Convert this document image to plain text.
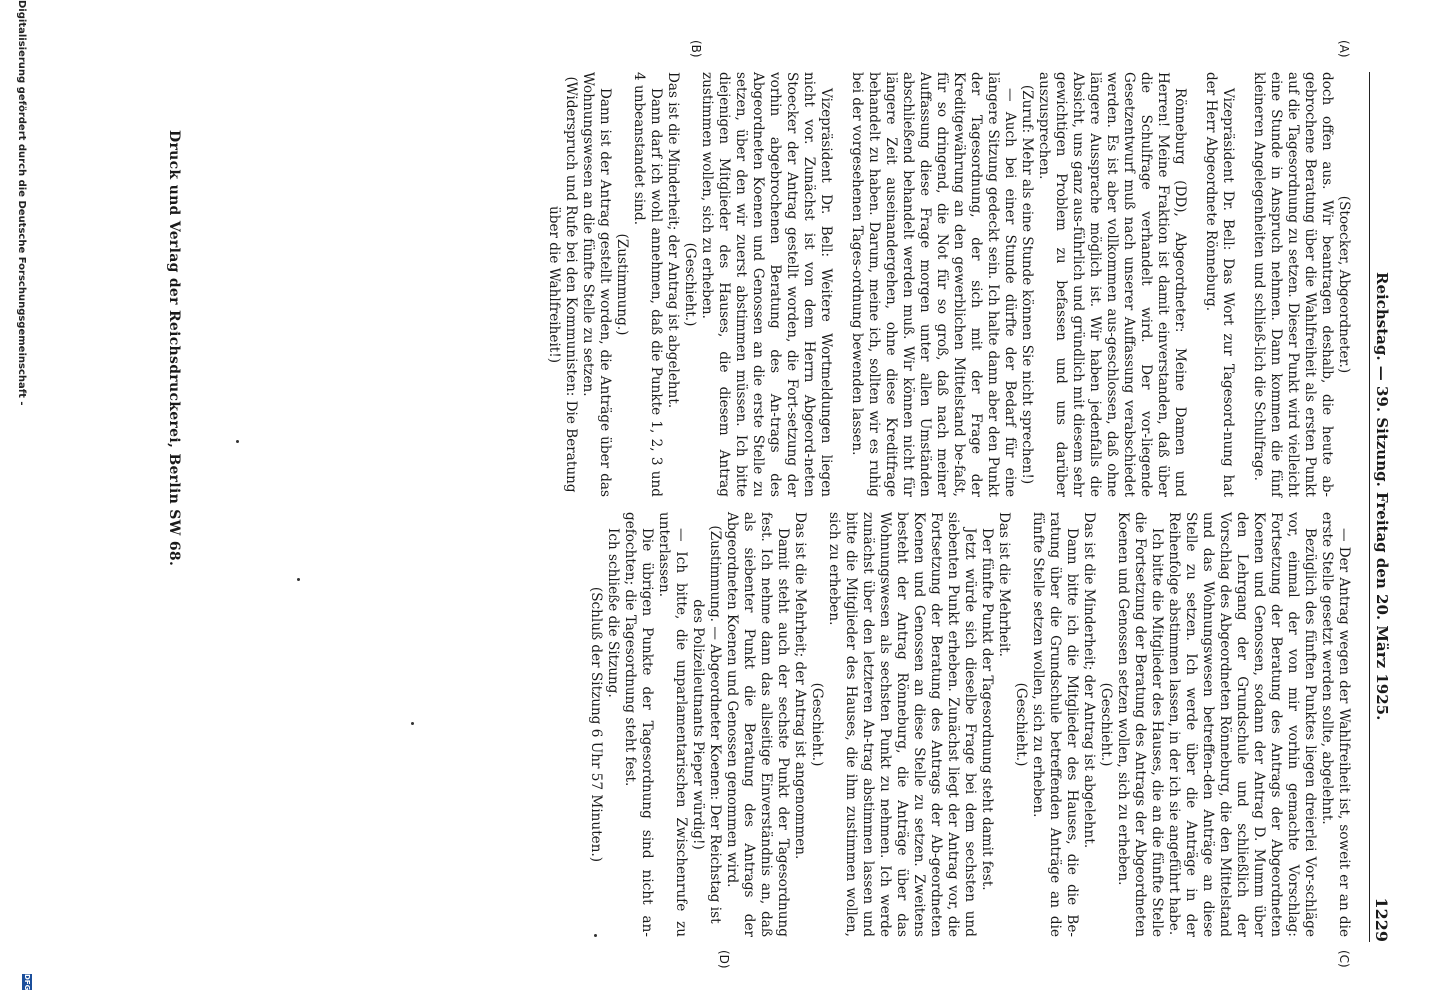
Reichstag. — 39. Sitzung.
Freitag den 20. März 1925.
1229
(A)
(B)
(C)
(D)

(Stoecker, Abgeordneter.)

doch offen aus. Wir beantragen deshalb, die heute ab-gebrochene Beratung über die Wahlfreiheit als ersten Punkt auf die Tagesordnung zu setzen. Dieser Punkt wird vielleicht eine Stunde in Anspruch nehmen. Dann kommen die fünf kleineren Angelegenheiten und schließ-lich die Schulfrage.

Vizepräsident Dr. Bell: Das Wort zur Tagesord-nung hat der Herr Abgeordnete Rönneburg.

Rönneburg (DD), Abgeordneter: Meine Damen und Herren! Meine Fraktion ist damit einverstanden, daß über die Schulfrage verhandelt wird. Der vor-liegende Gesetzentwurf muß nach unserer Auffassung verabschiedet werden. Es ist aber vollkommen aus-geschlossen, daß ohne längere Aussprache möglich ist. Wir haben jedenfalls die Absicht, uns ganz aus-führlich und gründlich mit diesem sehr gewichtigen Problem zu befassen und uns darüber auszusprechen.

(Zuruf: Mehr als eine Stunde können Sie nicht sprechen!)

— Auch bei einer Stunde dürfte der Bedarf für eine längere Sitzung gedeckt sein. Ich halte dann aber den Punkt der Tagesordnung, der sich mit der Frage der Kreditgewährung an den gewerblichen Mittelstand be-faßt, für so dringend, die Not für so groß, daß nach meiner Auffassung diese Frage morgen unter allen Umständen abschließend behandelt werden muß. Wir können nicht für längere Zeit auseinandergehen, ohne diese Kreditfrage behandelt zu haben. Darum, meine ich, sollten wir es ruhig bei der vorgesehenen Tages-ordnung bewenden lassen.

Vizepräsident Dr. Bell: Weitere Wortmeldungen liegen nicht vor. Zunächst ist von dem Herrn Abgeord-neten Stoecker der Antrag gestellt worden, die Fort-setzung der vorhin abgebrochenen Beratung des An-trags des Abgeordneten Koenen und Genossen an die erste Stelle zu setzen, über den wir zuerst abstimmen müssen. Ich bitte diejenigen Mitglieder des Hauses, die diesem Antrag zustimmen wollen, sich zu erheben.

(Geschieht.)

Das ist die Minderheit; der Antrag ist abgelehnt.

Dann darf ich wohl annehmen, daß die Punkte 1, 2, 3 und 4 unbeanstandet sind.

(Zustimmung.)

Dann ist der Antrag gestellt worden, die Anträge über das Wohnungswesen an die fünfte Stelle zu setzen.

(Widerspruch und Rufe bei den Kommunisten: Die Beratung über die Wahlfreiheit!)

— Der Antrag wegen der Wahlfreiheit ist, soweit er an die erste Stelle gesetzt werden sollte, abgelehnt.

Bezüglich des fünften Punktes liegen dreierlei Vor-schläge vor, einmal der von mir vorhin gemachte Vorschlag: Fortsetzung der Beratung des Antrags der Abgeordneten Koenen und Genossen, sodann der Antrag D. Mumm über den Lehrgang der Grundschule und schließlich der Vorschlag des Abgeordneten Rönneburg, die den Mittelstand und das Wohnungswesen betreffen-den Anträge an diese Stelle zu setzen. Ich werde über die Anträge in der Reihenfolge abstimmen lassen, in der ich sie angeführt habe.

Ich bitte die Mitglieder des Hauses, die an die fünfte Stelle die Fortsetzung der Beratung des Antrags der Abgeordneten Koenen und Genossen setzen wollen, sich zu erheben.

(Geschieht.)

Das ist die Minderheit; der Antrag ist abgelehnt.

Dann bitte ich die Mitglieder des Hauses, die die Be-ratung über die Grundschule betreffenden Anträge an die fünfte Stelle setzen wollen, sich zu erheben.

(Geschieht.)

Das ist die Mehrheit.

Der fünfte Punkt der Tagesordnung steht damit fest.

Jetzt würde sich dieselbe Frage bei dem sechsten und siebenten Punkt erheben. Zunächst liegt der Antrag vor, die Fortsetzung der Beratung des Antrags der Ab-geordneten Koenen und Genossen an diese Stelle zu setzen. Zweitens besteht der Antrag Rönneburg, die Anträge über das Wohnungswesen als sechsten Punkt zu nehmen. Ich werde zunächst über den letzteren An-trag abstimmen lassen und bitte die Mitglieder des Hauses, die ihm zustimmen wollen, sich zu erheben.

(Geschieht.)

Das ist die Mehrheit; der Antrag ist angenommen.

Damit steht auch der sechste Punkt der Tagesordnung fest. Ich nehme dann das allseitige Einverständnis an, daß als siebenter Punkt die Beratung des Antrags der Abgeordneten Koenen und Genossen genommen wird.

(Zustimmung. — Abgeordneter Koenen: Der Reichstag ist des Polizeileutnants Pieper würdig!)

— Ich bitte, die unparlamentarischen Zwischenrufe zu unterlassen.

Die übrigen Punkte der Tagesordnung sind nicht an-gefochten; die Tagesordnung steht fest.

Ich schließe die Sitzung.

(Schluß der Sitzung 6 Uhr 57 Minuten.)

Druck und Verlag der Reichsdruckerei, Berlin SW 68.
Digitalisierung gefördert durch die Deutsche Forschungsgemeinschaft -
DFG
